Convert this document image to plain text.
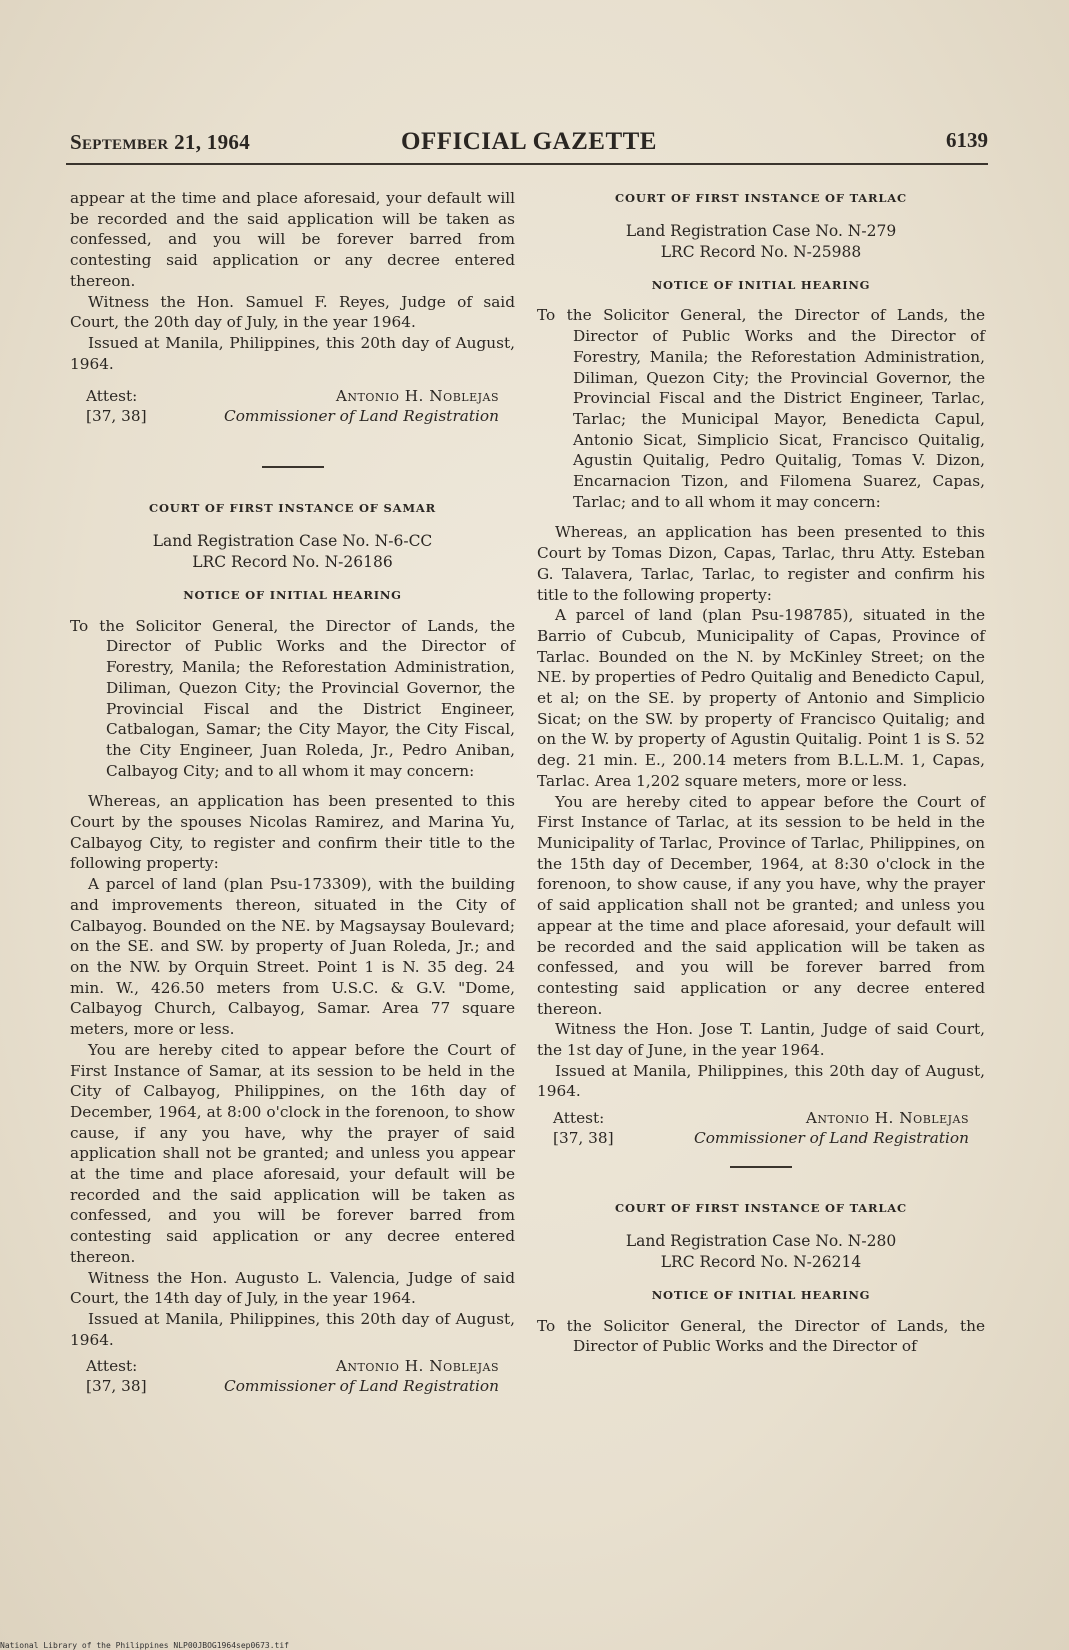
September 21, 1964	OFFICIAL GAZETTE	6139

appear at the time and place aforesaid, your default will be recorded and the said application will be taken as confessed, and you will be forever barred from contesting said application or any decree entered thereon.

Witness the Hon. Samuel F. Reyes, Judge of said Court, the 20th day of July, in the year 1964.

Issued at Manila, Philippines, this 20th day of August, 1964.

Attest:
[37, 38]
Antonio H. Noblejas
Commissioner of Land Registration
COURT OF FIRST INSTANCE OF SAMAR
Land Registration Case No. N-6-CC
LRC Record No. N-26186
NOTICE OF INITIAL HEARING

To the Solicitor General, the Director of Lands, the Director of Public Works and the Director of Forestry, Manila; the Reforestation Administration, Diliman, Quezon City; the Provincial Governor, the Provincial Fiscal and the District Engineer, Catbalogan, Samar; the City Mayor, the City Fiscal, the City Engineer, Juan Roleda, Jr., Pedro Aniban, Calbayog City; and to all whom it may concern:

Whereas, an application has been presented to this Court by the spouses Nicolas Ramirez, and Marina Yu, Calbayog City, to register and confirm their title to the following property:

A parcel of land (plan Psu-173309), with the building and improvements thereon, situated in the City of Calbayog. Bounded on the NE. by Magsaysay Boulevard; on the SE. and SW. by property of Juan Roleda, Jr.; and on the NW. by Orquin Street. Point 1 is N. 35 deg. 24 min. W., 426.50 meters from U.S.C. & G.V. "Dome, Calbayog Church, Calbayog, Samar. Area 77 square meters, more or less.

You are hereby cited to appear before the Court of First Instance of Samar, at its session to be held in the City of Calbayog, Philippines, on the 16th day of December, 1964, at 8:00 o'clock in the forenoon, to show cause, if any you have, why the prayer of said application shall not be granted; and unless you appear at the time and place aforesaid, your default will be recorded and the said application will be taken as confessed, and you will be forever barred from contesting said application or any decree entered thereon.

Witness the Hon. Augusto L. Valencia, Judge of said Court, the 14th day of July, in the year 1964.

Issued at Manila, Philippines, this 20th day of August, 1964.

Attest:
[37, 38]
Antonio H. Noblejas
Commissioner of Land Registration
COURT OF FIRST INSTANCE OF TARLAC
Land Registration Case No. N-279
LRC Record No. N-25988
NOTICE OF INITIAL HEARING

To the Solicitor General, the Director of Lands, the Director of Public Works and the Director of Forestry, Manila; the Reforestation Administration, Diliman, Quezon City; the Provincial Governor, the Provincial Fiscal and the District Engineer, Tarlac, Tarlac; the Municipal Mayor, Benedicta Capul, Antonio Sicat, Simplicio Sicat, Francisco Quitalig, Agustin Quitalig, Pedro Quitalig, Tomas V. Dizon, Encarnacion Tizon, and Filomena Suarez, Capas, Tarlac; and to all whom it may concern:

Whereas, an application has been presented to this Court by Tomas Dizon, Capas, Tarlac, thru Atty. Esteban G. Talavera, Tarlac, Tarlac, to register and confirm his title to the following property:

A parcel of land (plan Psu-198785), situated in the Barrio of Cubcub, Municipality of Capas, Province of Tarlac. Bounded on the N. by McKinley Street; on the NE. by properties of Pedro Quitalig and Benedicto Capul, et al; on the SE. by property of Antonio and Simplicio Sicat; on the SW. by property of Francisco Quitalig; and on the W. by property of Agustin Quitalig. Point 1 is S. 52 deg. 21 min. E., 200.14 meters from B.L.L.M. 1, Capas, Tarlac. Area 1,202 square meters, more or less.

You are hereby cited to appear before the Court of First Instance of Tarlac, at its session to be held in the Municipality of Tarlac, Province of Tarlac, Philippines, on the 15th day of December, 1964, at 8:30 o'clock in the forenoon, to show cause, if any you have, why the prayer of said application shall not be granted; and unless you appear at the time and place aforesaid, your default will be recorded and the said application will be taken as confessed, and you will be forever barred from contesting said application or any decree entered thereon.

Witness the Hon. Jose T. Lantin, Judge of said Court, the 1st day of June, in the year 1964.

Issued at Manila, Philippines, this 20th day of August, 1964.

Attest:
[37, 38]
Antonio H. Noblejas
Commissioner of Land Registration
COURT OF FIRST INSTANCE OF TARLAC
Land Registration Case No. N-280
LRC Record No. N-26214
NOTICE OF INITIAL HEARING

To the Solicitor General, the Director of Lands, the Director of Public Works and the Director of

National Library of the Philippines NLP00JBOG1964sep0673.tif
